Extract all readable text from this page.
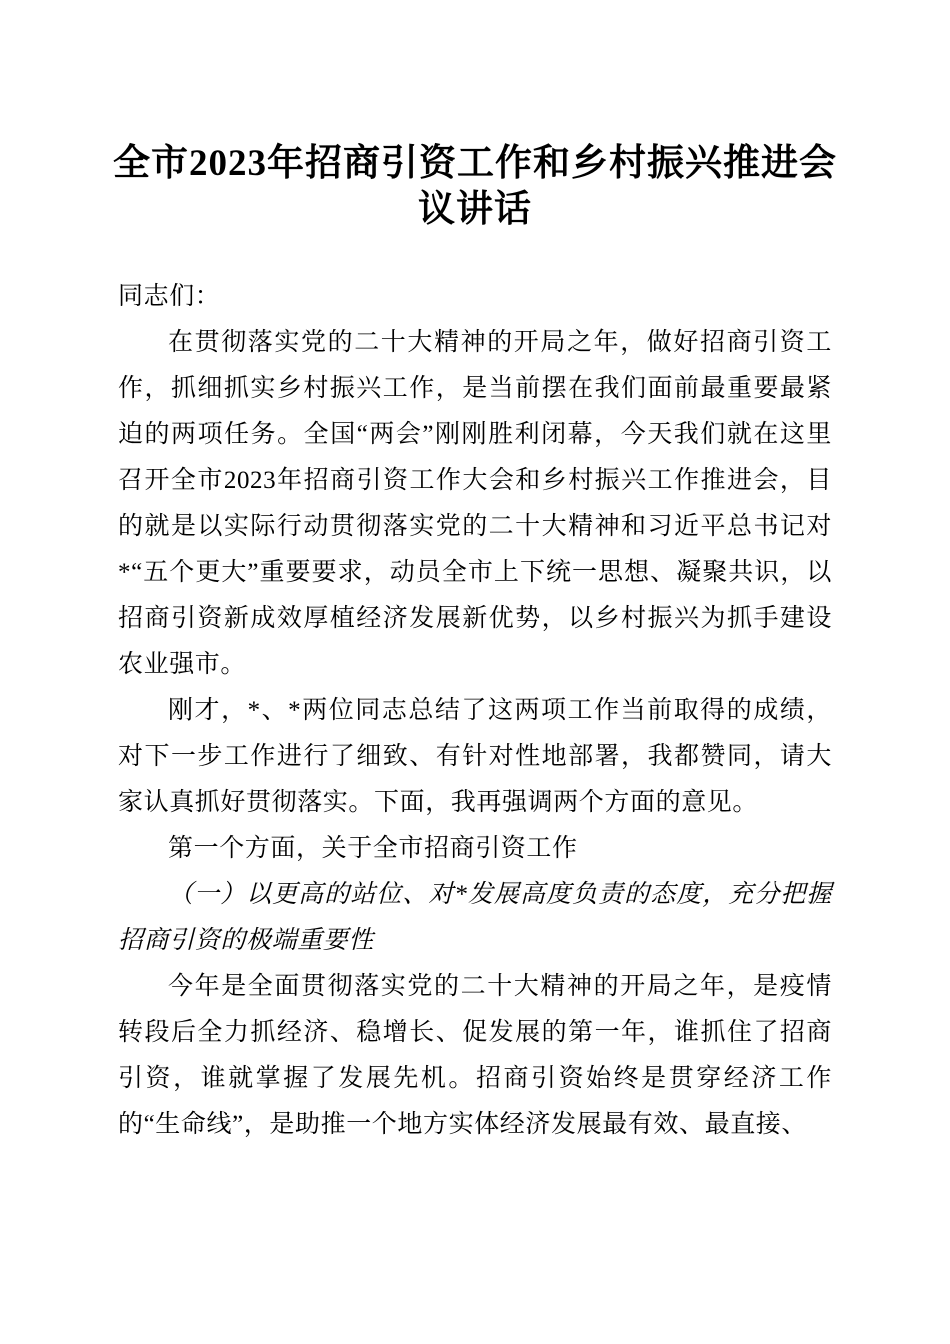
全市2023年招商引资工作和乡村振兴推进会议讲话

同志们：

在贯彻落实党的二十大精神的开局之年，做好招商引资工作，抓细抓实乡村振兴工作，是当前摆在我们面前最重要最紧迫的两项任务。全国“两会”刚刚胜利闭幕，今天我们就在这里召开全市2023年招商引资工作大会和乡村振兴工作推进会，目的就是以实际行动贯彻落实党的二十大精神和习近平总书记对*“五个更大”重要要求，动员全市上下统一思想、凝聚共识，以招商引资新成效厚植经济发展新优势，以乡村振兴为抓手建设农业强市。

刚才，*、*两位同志总结了这两项工作当前取得的成绩，对下一步工作进行了细致、有针对性地部署，我都赞同，请大家认真抓好贯彻落实。下面，我再强调两个方面的意见。

第一个方面，关于全市招商引资工作

（一）以更高的站位、对*发展高度负责的态度，充分把握招商引资的极端重要性

今年是全面贯彻落实党的二十大精神的开局之年，是疫情转段后全力抓经济、稳增长、促发展的第一年，谁抓住了招商引资，谁就掌握了发展先机。招商引资始终是贯穿经济工作的“生命线”，是助推一个地方实体经济发展最有效、最直接、
